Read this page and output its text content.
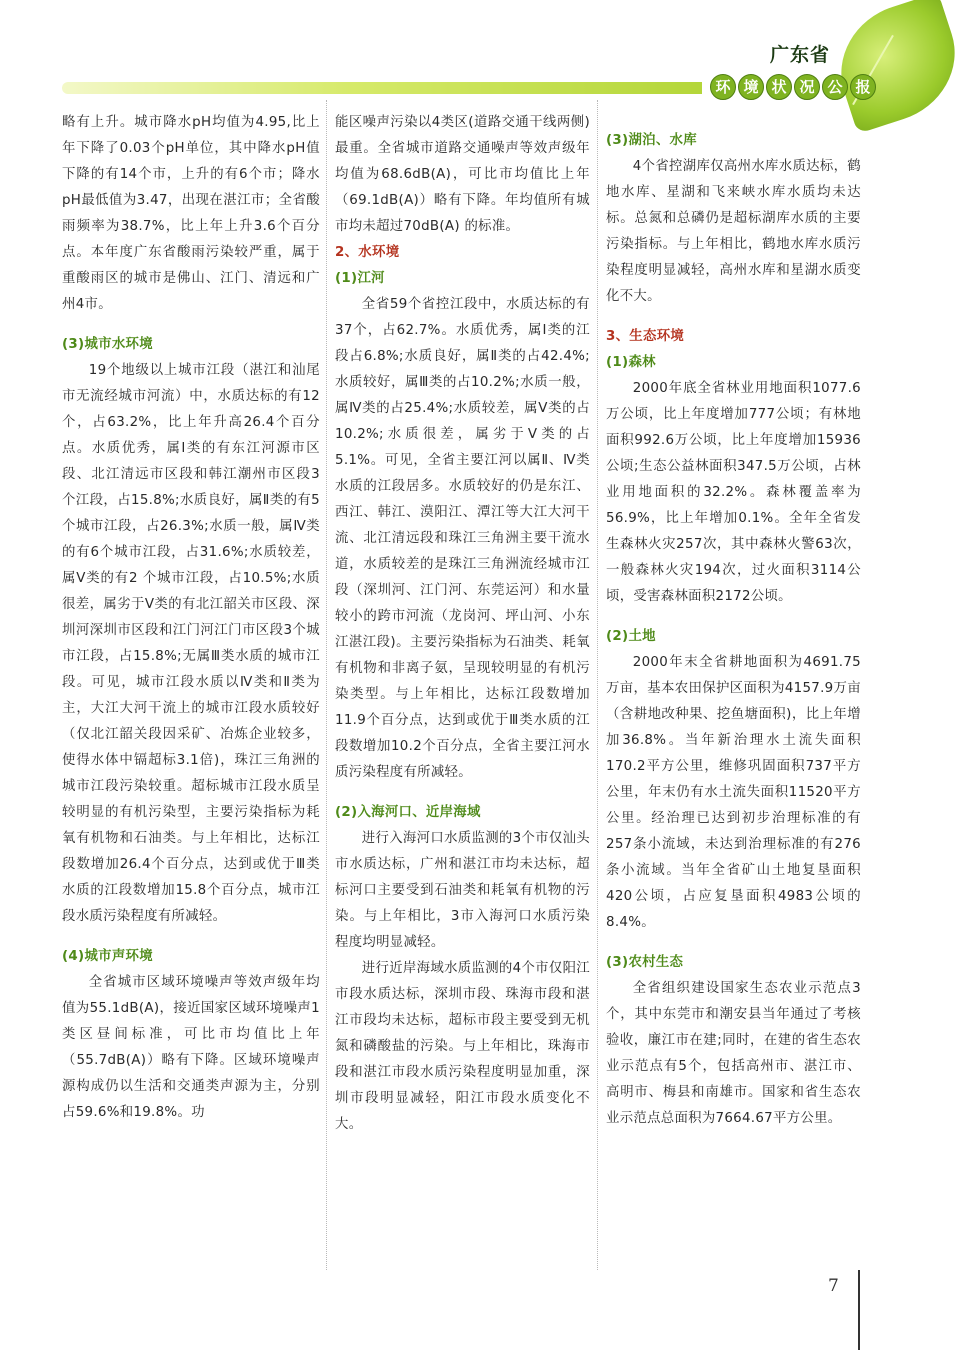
广东省
环 境 状 况 公 报

略有上升。城市降水pH均值为4.95,比上年下降了0.03个pH单位，其中降水pH值下降的有14个市，上升的有6个市；降水pH最低值为3.47，出现在湛江市；全省酸雨频率为38.7%，比上年上升3.6个百分点。本年度广东省酸雨污染较严重，属于重酸雨区的城市是佛山、江门、清远和广州4市。

(3)城市水环境

19个地级以上城市江段（湛江和汕尾市无流经城市河流）中，水质达标的有12个，占63.2%，比上年升高26.4个百分点。水质优秀，属Ⅰ类的有东江河源市区段、北江清远市区段和韩江潮州市区段3 个江段，占15.8%;水质良好，属Ⅱ类的有5个城市江段，占26.3%;水质一般，属Ⅳ类的有6个城市江段，占31.6%;水质较差，属Ⅴ类的有2 个城市江段，占10.5%;水质很差，属劣于Ⅴ类的有北江韶关市区段、深圳河深圳市区段和江门河江门市区段3个城市江段，占15.8%;无属Ⅲ类水质的城市江段。可见，城市江段水质以Ⅳ类和Ⅱ类为主，大江大河干流上的城市江段水质较好（仅北江韶关段因采矿、冶炼企业较多，使得水体中镉超标3.1倍)，珠江三角洲的城市江段污染较重。超标城市江段水质呈较明显的有机污染型，主要污染指标为耗氧有机物和石油类。与上年相比，达标江段数增加26.4个百分点，达到或优于Ⅲ类水质的江段数增加15.8个百分点，城市江段水质污染程度有所减轻。

(4)城市声环境

全省城市区域环境噪声等效声级年均值为55.1dB(A)，接近国家区域环境噪声1类区昼间标准，可比市均值比上年（55.7dB(A)）略有下降。区域环境噪声源构成仍以生活和交通类声源为主，分别占59.6%和19.8%。功

能区噪声污染以4类区(道路交通干线两侧)最重。全省城市道路交通噪声等效声级年均值为68.6dB(A)，可比市均值比上年（69.1dB(A)）略有下降。年均值所有城市均未超过70dB(A) 的标准。

2、水环境

(1)江河

全省59个省控江段中，水质达标的有37个，占62.7%。水质优秀，属Ⅰ类的江段占6.8%;水质良好，属Ⅱ类的占42.4%;水质较好，属Ⅲ类的占10.2%;水质一般，属Ⅳ类的占25.4%;水质较差，属Ⅴ类的占10.2%;水质很差，属劣于Ⅴ类的占5.1%。可见，全省主要江河以属Ⅱ、Ⅳ类水质的江段居多。水质较好的仍是东江、西江、韩江、漠阳江、潭江等大江大河干流、北江清远段和珠江三角洲主要干流水道，水质较差的是珠江三角洲流经城市江段（深圳河、江门河、东莞运河）和水量较小的跨市河流（龙岗河、坪山河、小东江湛江段)。主要污染指标为石油类、耗氧有机物和非离子氨，呈现较明显的有机污染类型。与上年相比，达标江段数增加11.9个百分点，达到或优于Ⅲ类水质的江段数增加10.2个百分点，全省主要江河水质污染程度有所减轻。

(2)入海河口、近岸海域

进行入海河口水质监测的3个市仅汕头市水质达标，广州和湛江市均未达标，超标河口主要受到石油类和耗氧有机物的污染。与上年相比，3市入海河口水质污染程度均明显减轻。

进行近岸海域水质监测的4个市仅阳江市段水质达标，深圳市段、珠海市段和湛江市段均未达标，超标市段主要受到无机氮和磷酸盐的污染。与上年相比，珠海市段和湛江市段水质污染程度明显加重，深圳市段明显减轻，阳江市段水质变化不大。

(3)湖泊、水库

4个省控湖库仅高州水库水质达标，鹤地水库、星湖和飞来峡水库水质均未达标。总氮和总磷仍是超标湖库水质的主要污染指标。与上年相比，鹤地水库水质污染程度明显减轻，高州水库和星湖水质变化不大。

3、生态环境

(1)森林

2000年底全省林业用地面积1077.6万公顷，比上年度增加777公顷；有林地面积992.6万公顷，比上年度增加15936公顷;生态公益林面积347.5万公顷，占林业用地面积的32.2%。森林覆盖率为56.9%，比上年增加0.1%。全年全省发生森林火灾257次，其中森林火警63次，一般森林火灾194次，过火面积3114公顷，受害森林面积2172公顷。

(2)土地

2000年末全省耕地面积为4691.75万亩，基本农田保护区面积为4157.9万亩（含耕地改种果、挖鱼塘面积)，比上年增加36.8%。当年新治理水土流失面积170.2平方公里，维修巩固面积737平方公里，年末仍有水土流失面积11520平方公里。经治理已达到初步治理标准的有257条小流域，未达到治理标准的有276条小流域。当年全省矿山土地复垦面积420公顷，占应复垦面积4983公顷的8.4%。

(3)农村生态

全省组织建设国家生态农业示范点3个，其中东莞市和潮安县当年通过了考核验收，廉江市在建;同时，在建的省生态农业示范点有5个，包括高州市、湛江市、高明市、梅县和南雄市。国家和省生态农业示范点总面积为7664.67平方公里。

7
